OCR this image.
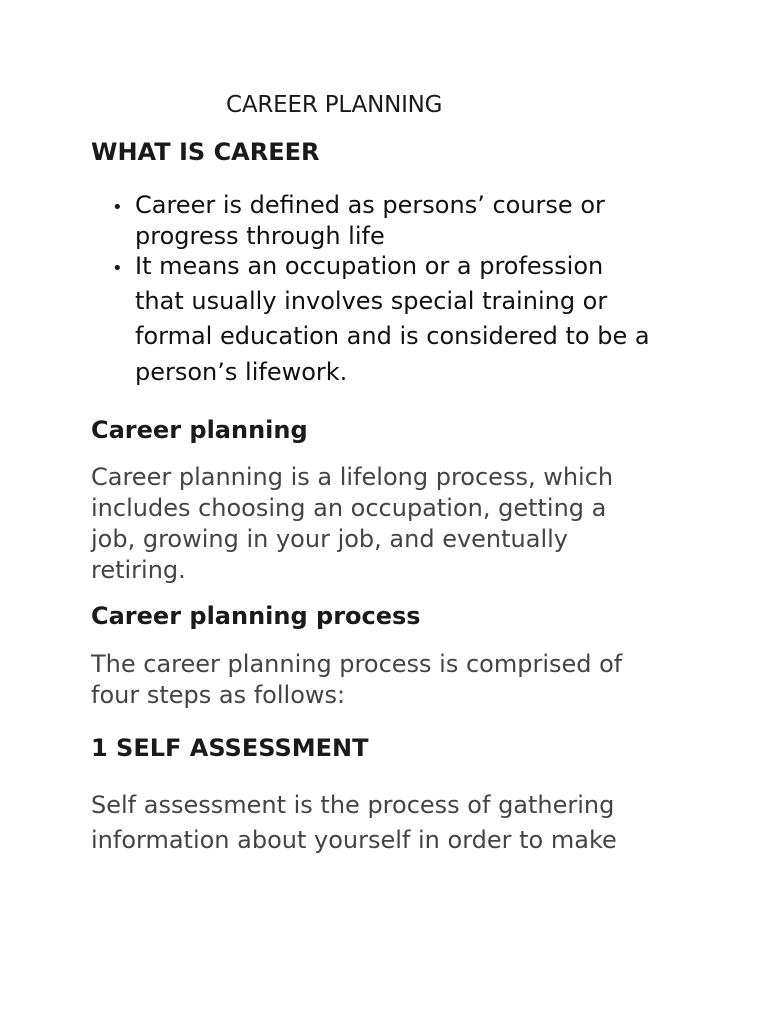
CAREER PLANNING
WHAT IS CAREER
• Career is defined as persons’ course or
progress through life
• It means an occupation or a profession
that usually involves special training or
formal education and is considered to be a
person’s lifework.
Career planning
Career planning is a lifelong process, which
includes choosing an occupation, getting a
job, growing in your job, and eventually
retiring.
Career planning process
The career planning process is comprised of
four steps as follows:
1 SELF ASSESSMENT
Self assessment is the process of gathering
information about yourself in order to make
